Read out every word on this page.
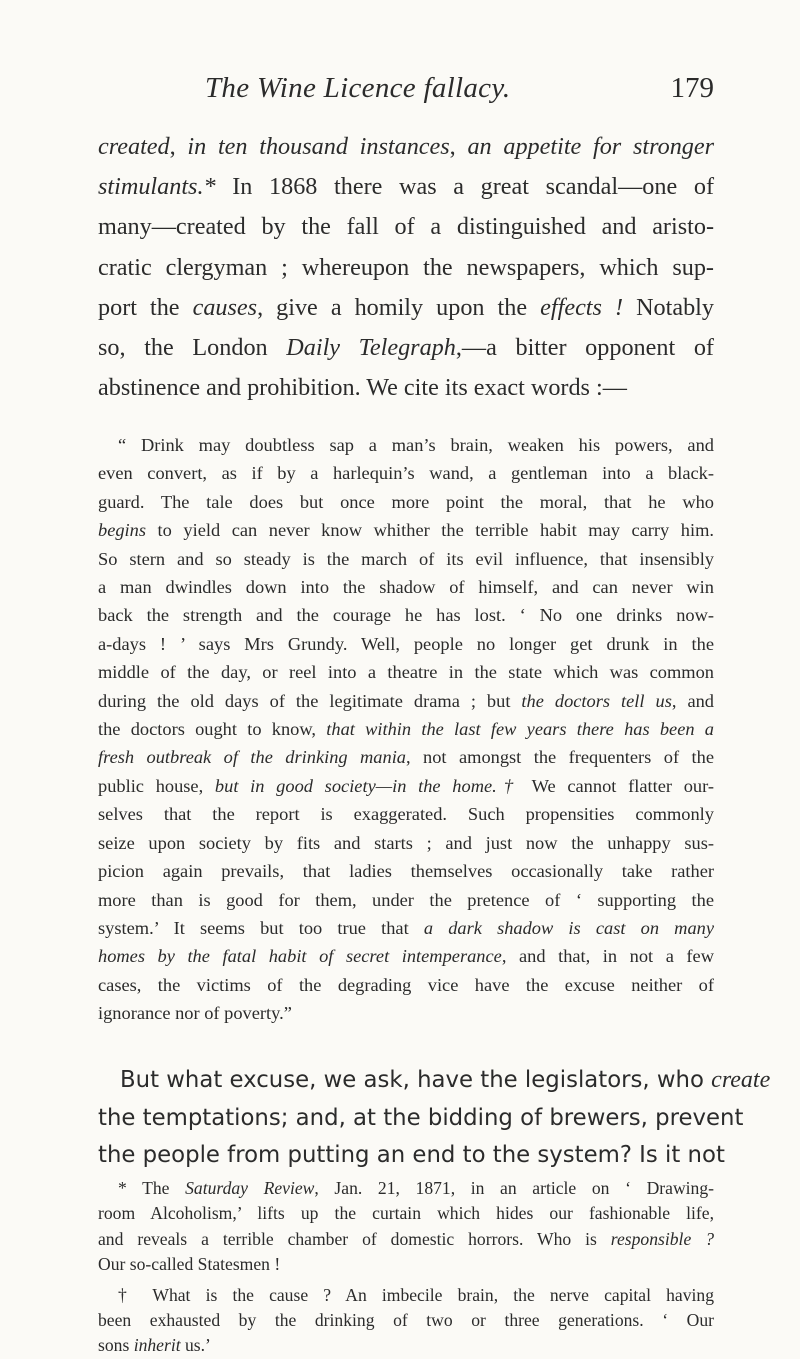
The Wine Licence fallacy.	179
created, in ten thousand instances, an appetite for stronger
stimulants.* In 1868 there was a great scandal—one of
many—created by the fall of a distinguished and aristo-
cratic clergyman ; whereupon the newspapers, which sup-
port the causes, give a homily upon the effects ! Notably
so, the London Daily Telegraph,—a bitter opponent of
abstinence and prohibition. We cite its exact words :—
“ Drink may doubtless sap a man’s brain, weaken his powers, and
even convert, as if by a harlequin’s wand, a gentleman into a black-
guard. The tale does but once more point the moral, that he who
begins to yield can never know whither the terrible habit may carry him.
So stern and so steady is the march of its evil influence, that insensibly
a man dwindles down into the shadow of himself, and can never win
back the strength and the courage he has lost. ‘ No one drinks now-
a-days ! ’ says Mrs Grundy. Well, people no longer get drunk in the
middle of the day, or reel into a theatre in the state which was common
during the old days of the legitimate drama ; but the doctors tell us, and
the doctors ought to know, that within the last few years there has been a
fresh outbreak of the drinking mania, not amongst the frequenters of the
public house, but in good society—in the home.† We cannot flatter our-
selves that the report is exaggerated. Such propensities commonly
seize upon society by fits and starts ; and just now the unhappy sus-
picion again prevails, that ladies themselves occasionally take rather
more than is good for them, under the pretence of ‘ supporting the
system.’ It seems but too true that a dark shadow is cast on many
homes by the fatal habit of secret intemperance, and that, in not a few
cases, the victims of the degrading vice have the excuse neither of
ignorance nor of poverty.”
But what excuse, we ask, have the legislators, who create
the temptations; and, at the bidding of brewers, prevent
the people from putting an end to the system? Is it not
* The Saturday Review, Jan. 21, 1871, in an article on ‘ Drawing-
room Alcoholism,’ lifts up the curtain which hides our fashionable life,
and reveals a terrible chamber of domestic horrors. Who is responsible ?
Our so-called Statesmen !
† What is the cause ? An imbecile brain, the nerve capital having
been exhausted by the drinking of two or three generations. ‘ Our
sons inherit us.’
